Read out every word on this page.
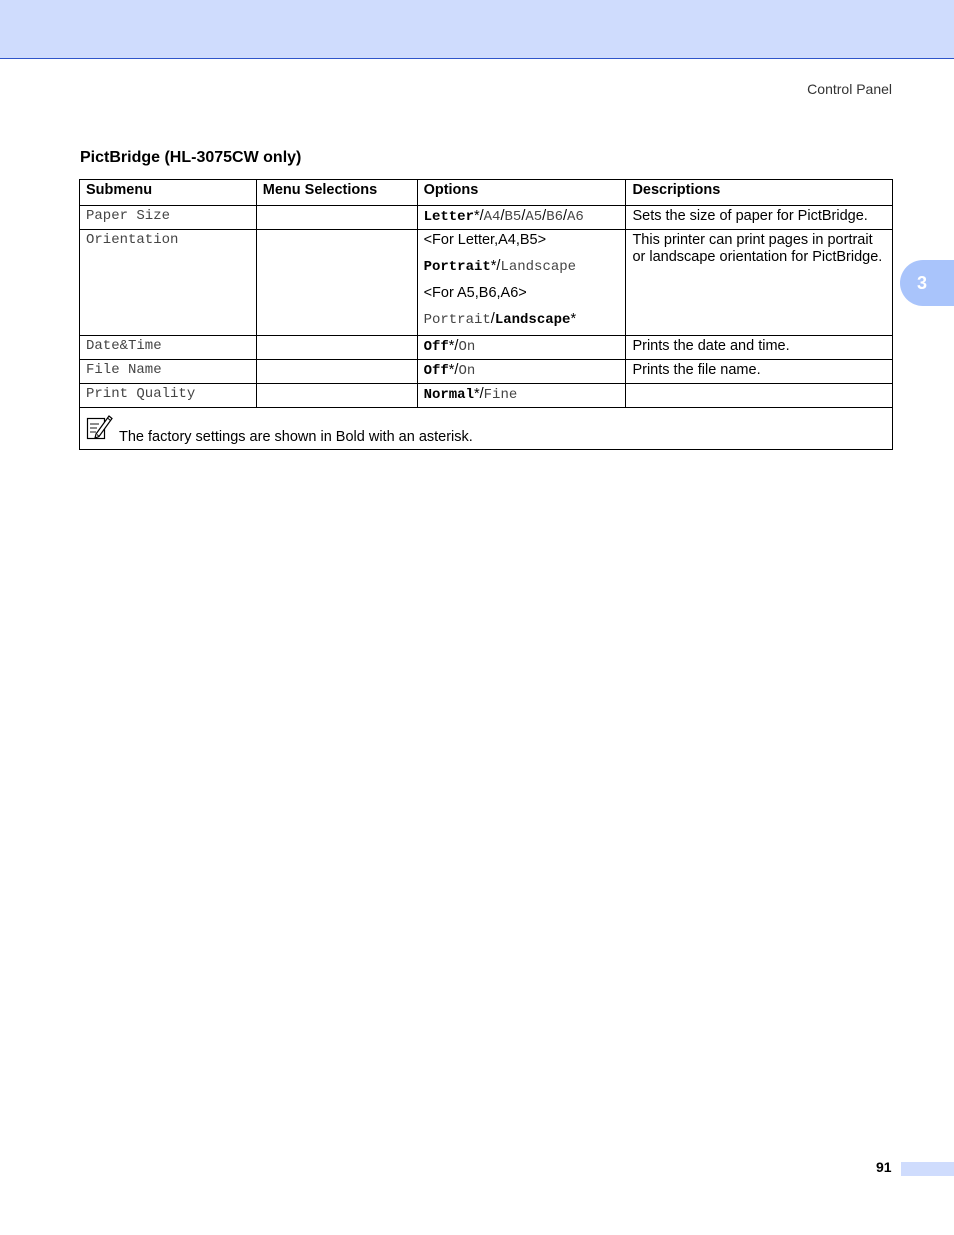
Control Panel
3
PictBridge (HL-3075CW only)
Submenu	Menu Selections	Options	Descriptions
Paper Size		Letter*/A4/B5/A5/B6/A6	Sets the size of paper for PictBridge.
Orientation		<For Letter,A4,B5>
Portrait*/Landscape
<For A5,B6,A6>
Portrait/Landscape*	This printer can print pages in portrait or landscape orientation for PictBridge.
Date&Time		Off*/On	Prints the date and time.
File Name		Off*/On	Prints the file name.
Print Quality		Normal*/Fine	

The factory settings are shown in Bold with an asterisk.			
91
